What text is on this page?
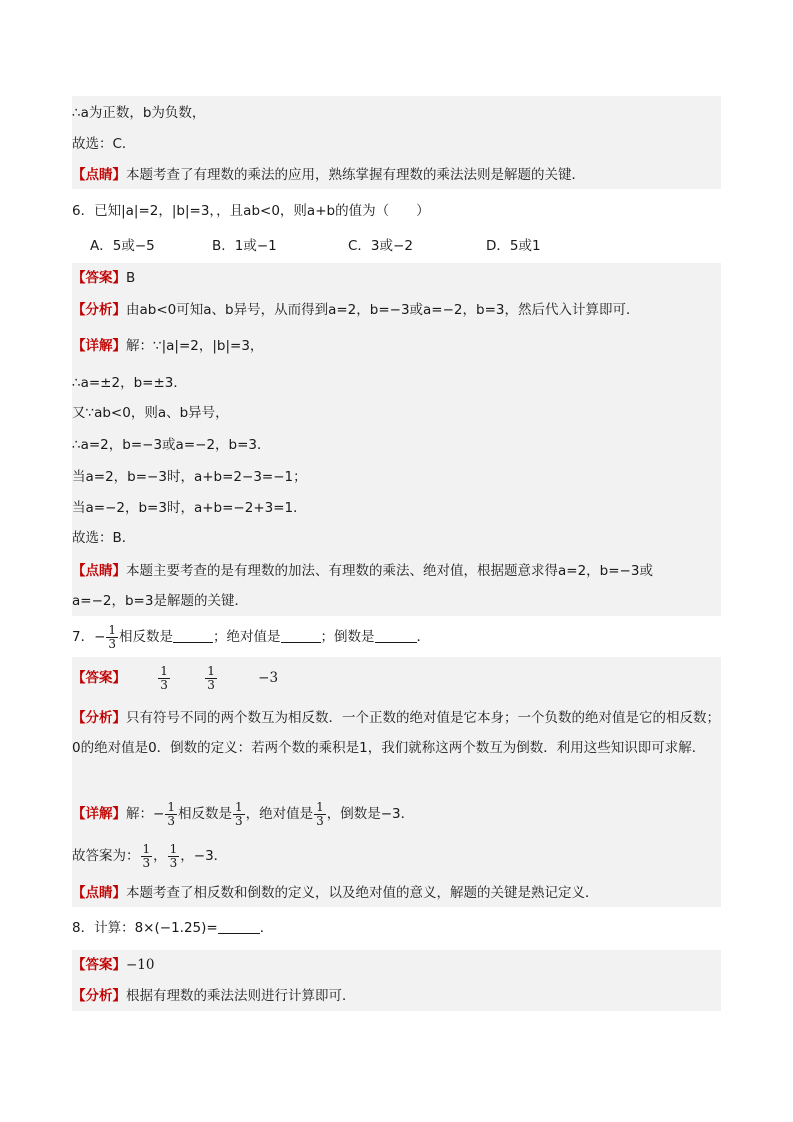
∴a为正数，b为负数，
故选：C．
【点睛】本题考查了有理数的乘法的应用，熟练掌握有理数的乘法法则是解题的关键．
6．已知|a|=2，|b|=3，，且ab<0，则a+b的值为（　　）
A．5或−5	B．1或−1	C．3或−2	D．5或1
【答案】B
【分析】由ab<0可知a、b异号，从而得到a=2，b=−3或a=−2，b=3，然后代入计算即可．
【详解】解：∵|a|=2，|b|=3，
∴a=±2，b=±3．
又∵ab<0，则a、b异号，
∴a=2，b=−3或a=−2，b=3．
当a=2，b=−3时，a+b=2−3=−1；
当a=−2，b=3时，a+b=−2+3=1．
故选：B．
【点睛】本题主要考查的是有理数的加法、有理数的乘法、绝对值，根据题意求得a=2，b=−3或
a=−2，b=3是解题的关键．
7．− $\frac{1}{3}$ 相反数是	；绝对值是	；倒数是	．
【答案】	$\frac{1}{3}$
	$\frac{1}{3}$	−3
【分析】只有符号不同的两个数互为相反数．一个正数的绝对值是它本身；一个负数的绝对值是它的相反数；0的绝对值是0．倒数的定义：若两个数的乘积是1，我们就称这两个数互为倒数．利用这些知识即可求解．
【详解】解：− $\frac{1}{3}$ 相反数是 $\frac{1}{3}$ ，绝对值是 $\frac{1}{3}$ ，倒数是−3．
故答案为： $\frac{1}{3}$ ， $\frac{1}{3}$ ，−3．
【点睛】本题考查了相反数和倒数的定义，以及绝对值的意义，解题的关键是熟记定义．
8．计算：8×(−1.25)=	．
【答案】−10
【分析】根据有理数的乘法法则进行计算即可．
